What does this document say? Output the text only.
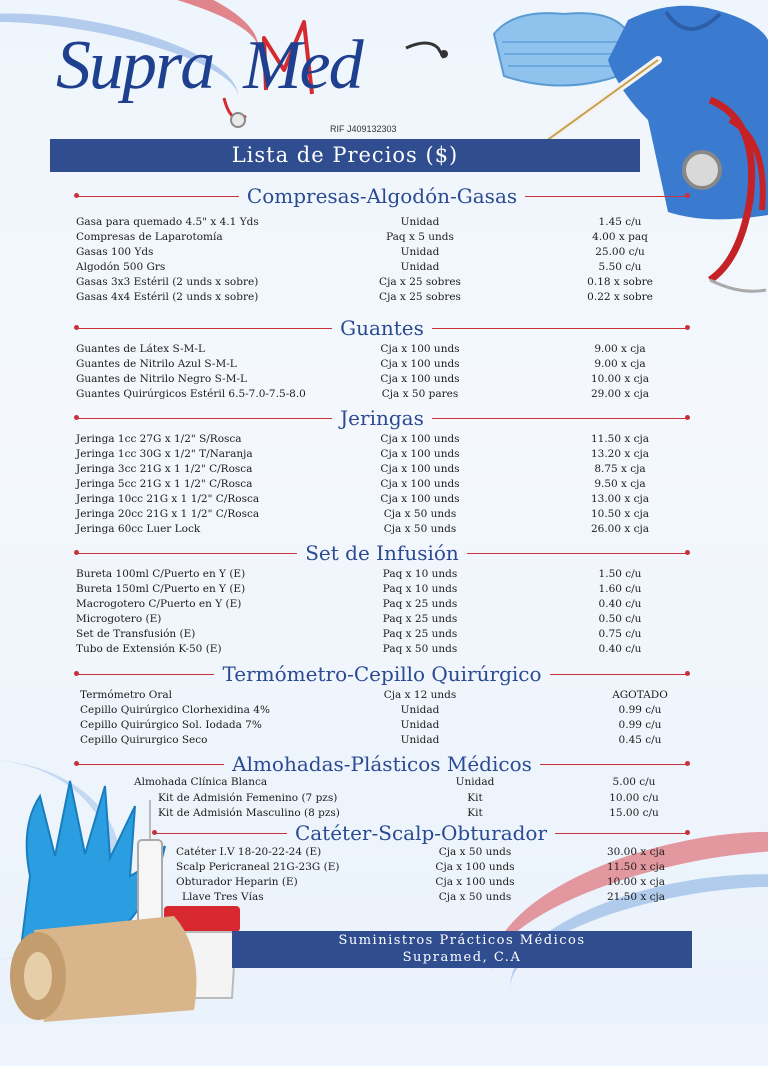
Supra Med
RIF J409132303
Lista de Precios ($)
Compresas-Algodón-Gasas
Gasa para quemado 4.5" x 4.1 Yds	Unidad	1.45 c/u
Compresas de Laparotomía	Paq x 5 unds	4.00 x paq
Gasas 100 Yds	Unidad	25.00 c/u
Algodón 500 Grs	Unidad	5.50 c/u
Gasas 3x3 Estéril (2 unds x sobre)	Cja x 25 sobres	0.18 x sobre
Gasas 4x4 Estéril (2 unds x sobre)	Cja x 25 sobres	0.22 x sobre
Guantes
Guantes de Látex S-M-L	Cja x 100 unds	9.00 x cja
Guantes de Nitrilo Azul S-M-L	Cja x 100 unds	9.00 x cja
Guantes de Nitrilo Negro S-M-L	Cja x 100 unds	10.00 x cja
Guantes Quirúrgicos Estéril 6.5-7.0-7.5-8.0	Cja x 50 pares	29.00 x cja
Jeringas
Jeringa 1cc 27G x 1/2" S/Rosca	Cja x 100 unds	11.50 x cja
Jeringa 1cc 30G x 1/2" T/Naranja	Cja x 100 unds	13.20 x cja
Jeringa 3cc 21G x 1 1/2" C/Rosca	Cja x 100 unds	8.75 x cja
Jeringa 5cc 21G x 1 1/2" C/Rosca	Cja x 100 unds	9.50 x cja
Jeringa 10cc 21G x 1 1/2" C/Rosca	Cja x 100 unds	13.00 x cja
Jeringa 20cc 21G x 1 1/2" C/Rosca	Cja x 50 unds	10.50 x cja
Jeringa 60cc Luer Lock	Cja x 50 unds	26.00 x cja
Set de Infusión
Bureta 100ml C/Puerto en Y (E)	Paq x 10 unds	1.50 c/u
Bureta 150ml C/Puerto en Y (E)	Paq x 10 unds	1.60 c/u
Macrogotero C/Puerto en Y (E)	Paq x 25 unds	0.40 c/u
Microgotero (E)	Paq x 25 unds	0.50 c/u
Set de Transfusión (E)	Paq x 25 unds	0.75 c/u
Tubo de Extensión K-50 (E)	Paq x 50 unds	0.40 c/u
Termómetro-Cepillo Quirúrgico
Termómetro Oral	Cja x 12 unds	AGOTADO
Cepillo Quirúrgico Clorhexidina 4%	Unidad	0.99 c/u
Cepillo Quirúrgico Sol. Iodada 7%	Unidad	0.99 c/u
Cepillo Quirurgico Seco	Unidad	0.45 c/u
Almohadas-Plásticos Médicos
Almohada Clínica Blanca	Unidad	5.00 c/u
Kit de Admisión Femenino (7 pzs)	Kit	10.00 c/u
Kit de Admisión Masculino (8 pzs)	Kit	15.00 c/u
Catéter-Scalp-Obturador
Catéter I.V 18-20-22-24 (E)	Cja x 50 unds	30.00 x cja
Scalp Pericraneal 21G-23G (E)	Cja x 100 unds	11.50 x cja
Obturador Heparin (E)	Cja x 100 unds	10.00 x cja
Llave Tres Vías	Cja x 50 unds	21.50 x cja
Suministros Prácticos Médicos
Supramed, C.A
